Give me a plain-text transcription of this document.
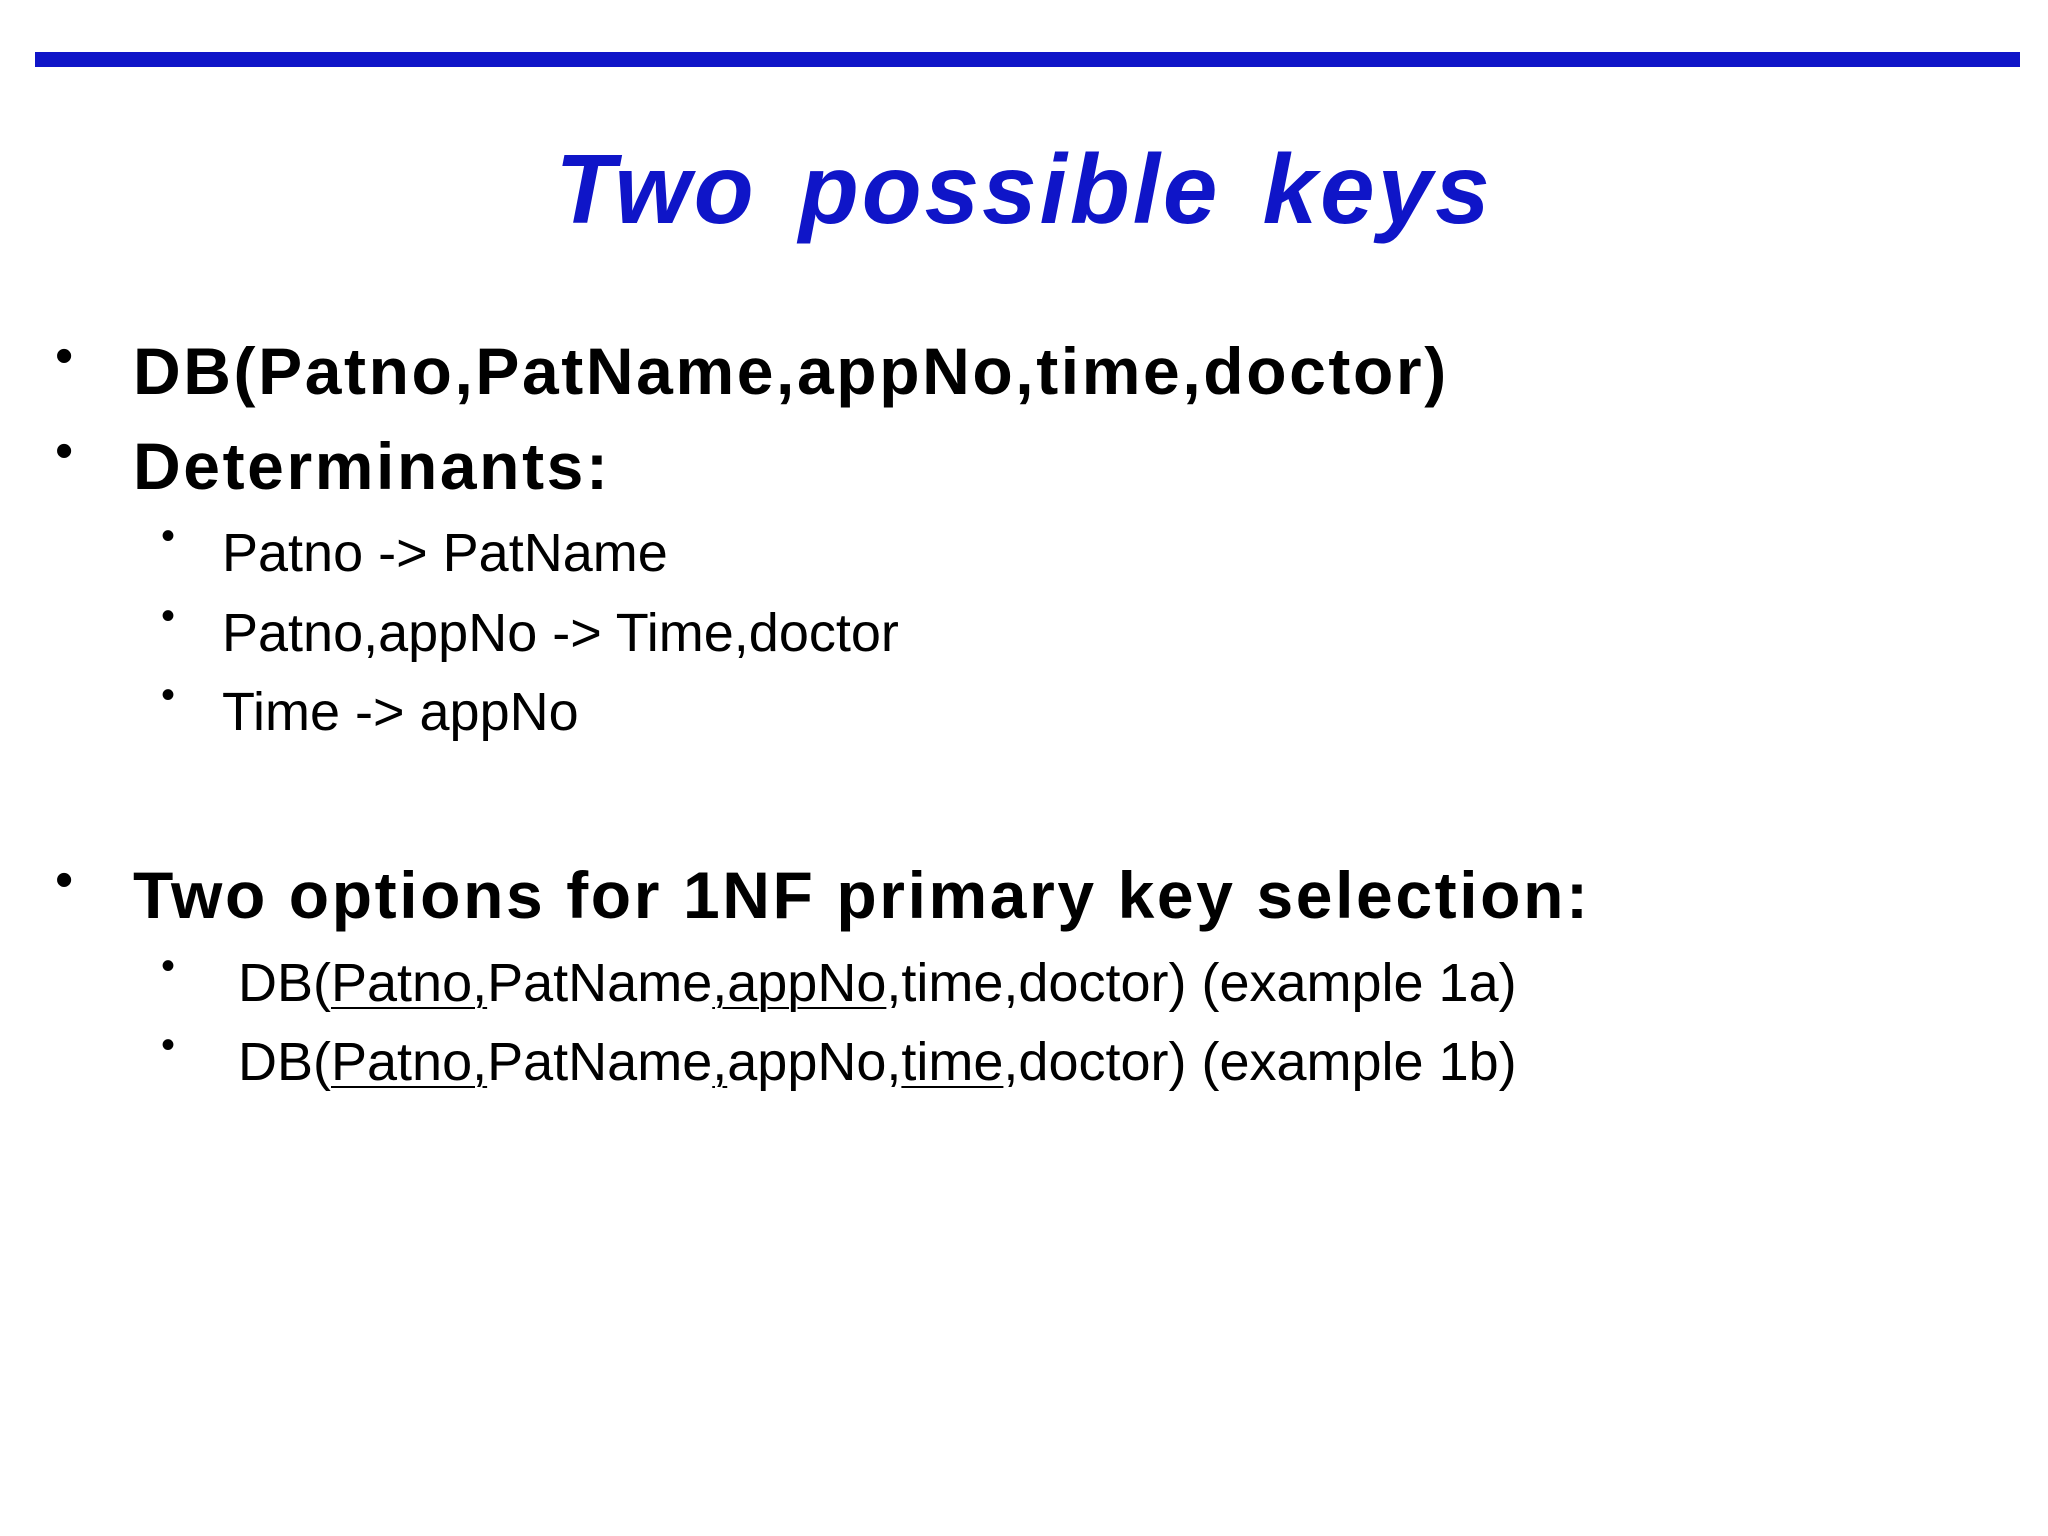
Two possible keys
• DB(Patno,PatName,appNo,time,doctor)
• Determinants:
• Patno -> PatName
• Patno,appNo -> Time,doctor
• Time -> appNo
• Two options for 1NF primary key selection:
• DB(Patno,PatName,appNo,time,doctor) (example 1a)
• DB(Patno,PatName,appNo,time,doctor) (example 1b)
